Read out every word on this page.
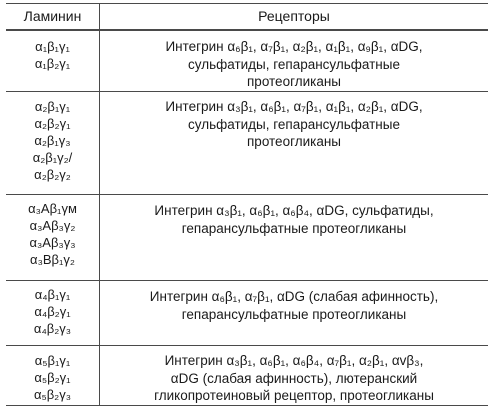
Ламинин	Рецепторы
α₁β₁γ₁
α₁β₂γ₁
Интегрин α₆β₁, α₇β₁, α₂β₁, α₁β₁, α₉β₁, αDG,
сульфатиды, гепарансульфатные
протеогликаны
α₂β₁γ₁
α₂β₂γ₁
α₂β₁γ₃
α₂β₁γ₂/
α₂β₂γ₂
Интегрин α₃β₁, α₆β₁, α₇β₁, α₁β₁, α₂β₁, αDG,
сульфатиды, гепарансульфатные
протеогликаны
α₃Aβ₁γм
α₃Aβ₃γ₂
α₃Aβ₃γ₃
α₃Bβ₁γ₂
Интегрин α₃β₁, α₆β₁, α₆β₄, αDG, сульфатиды,
гепарансульфатные протеогликаны
α₄β₁γ₁
α₄β₂γ₁
α₄β₂γ₃
Интегрин α₆β₁, α₇β₁, αDG (слабая афинность),
гепарансульфатные протеогликаны
α₅β₁γ₁
α₅β₂γ₁
α₅β₂γ₃
Интегрин α₃β₁, α₆β₁, α₆β₄, α₇β₁, α₂β₁, αvβ₃,
αDG (слабая афинность), лютеранский
гликопротеиновый рецептор, протеогликаны
